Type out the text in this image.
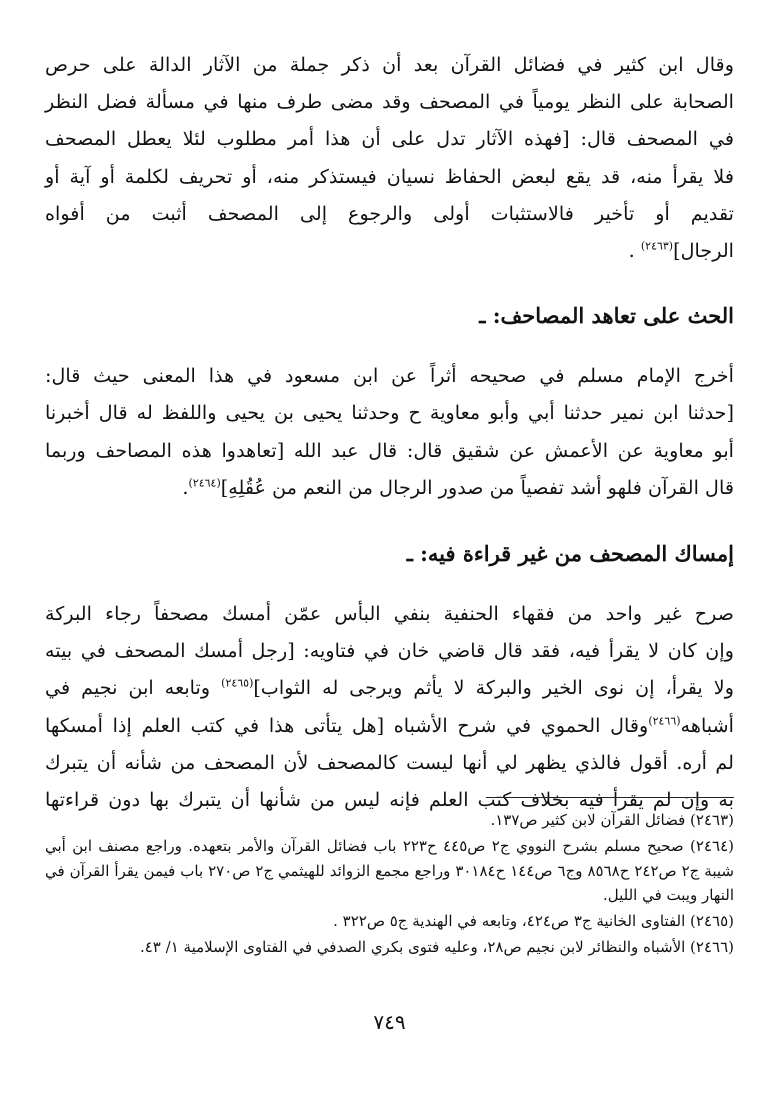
وقال ابن كثير في فضائل القرآن بعد أن ذكر جملة من الآثار الدالة على حرص
الصحابة على النظر يومياً في المصحف وقد مضى طرف منها في مسألة فضل النظر
في المصحف قال: [فهذه الآثار تدل على أن هذا أمر مطلوب لئلا يعطل المصحف
فلا يقرأ منه، قد يقع لبعض الحفاظ نسيان فيستذكر منه، أو تحريف لكلمة أو آية أو
تقديم أو تأخير فالاستثبات أولى والرجوع إلى المصحف أثبت من أفواه
الرجال]$^{(٢٤٦٣)}$ .

الحث على تعاهد المصاحف: ـ

أخرج الإمام مسلم في صحيحه أثراً عن ابن مسعود في هذا المعنى حيث قال:
[حدثنا ابن نمير حدثنا أبي وأبو معاوية ح وحدثنا يحيى بن يحيى واللفظ له قال أخبرنا
أبو معاوية عن الأعمش عن شقيق قال: قال عبد الله [تعاهدوا هذه المصاحف وربما
قال القرآن فلهو أشد تفصياً من صدور الرجال من النعم من عُقُلِهِ]$^{(٢٤٦٤)}$.

إمساك المصحف من غير قراءة فيه: ـ

صرح غير واحد من فقهاء الحنفية بنفي البأس عمّن أمسك مصحفاً رجاء البركة
وإن كان لا يقرأ فيه، فقد قال قاضي خان في فتاويه: [رجل أمسك المصحف في بيته
ولا يقرأ، إن نوى الخير والبركة لا يأثم ويرجى له الثواب]$^{(٢٤٦٥)}$ وتابعه ابن نجيم في
أشباهه$^{(٢٤٦٦)}$وقال الحموي في شرح الأشباه [هل يتأتى هذا في كتب العلم إذا أمسكها
لم أره. أقول فالذي يظهر لي أنها ليست كالمصحف لأن المصحف من شأنه أن يتبرك
به وإن لم يقرأ فيه بخلاف كتب العلم فإنه ليس من شأنها أن يتبرك بها دون قراءتها

(٢٤٦٣) فضائل القرآن لابن كثير ص١٣٧.

(٢٤٦٤) صحيح مسلم بشرح النووي ج٢ ص٤٤٥ ح٢٢٣ باب فضائل القرآن والأمر بتعهده. وراجع مصنف ابن أبي شيبة ج٢ ص٢٤٢ ح٨٥٦٨ وج٦ ص١٤٤ ح٣٠١٨٤ وراجع مجمع الزوائد للهيثمي ج٢ ص٢٧٠ باب فيمن يقرأ القرآن في النهار ويبت في الليل.

(٢٤٦٥) الفتاوى الخانية ج٣ ص٤٢٤، وتابعه في الهندية ج٥ ص٣٢٢ .

(٢٤٦٦) الأشباه والنظائر لابن نجيم ص٢٨، وعليه فتوى بكري الصدفي في الفتاوى الإسلامية ١/ ٤٣.

٧٤٩
